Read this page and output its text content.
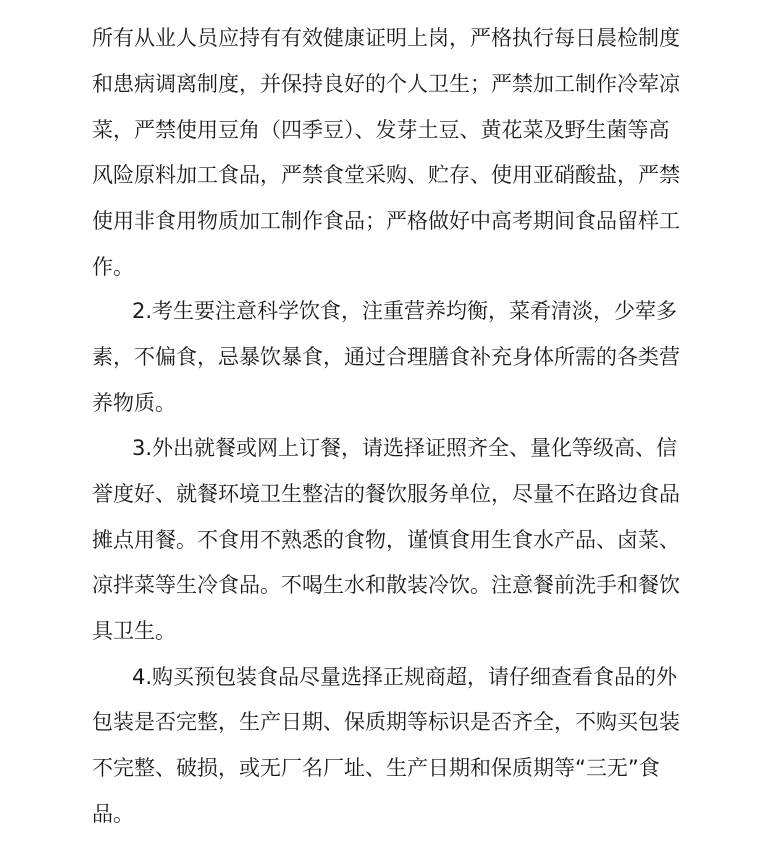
所有从业人员应持有有效健康证明上岗，严格执行每日晨检制度
和患病调离制度，并保持良好的个人卫生；严禁加工制作冷荤凉
菜，严禁使用豆角（四季豆）、发芽土豆、黄花菜及野生菌等高
风险原料加工食品，严禁食堂采购、贮存、使用亚硝酸盐，严禁
使用非食用物质加工制作食品；严格做好中高考期间食品留样工
作。
2.考生要注意科学饮食，注重营养均衡，菜肴清淡，少荤多
素，不偏食，忌暴饮暴食，通过合理膳食补充身体所需的各类营
养物质。
3.外出就餐或网上订餐，请选择证照齐全、量化等级高、信
誉度好、就餐环境卫生整洁的餐饮服务单位，尽量不在路边食品
摊点用餐。不食用不熟悉的食物，谨慎食用生食水产品、卤菜、
凉拌菜等生冷食品。不喝生水和散装冷饮。注意餐前洗手和餐饮
具卫生。
4.购买预包装食品尽量选择正规商超，请仔细查看食品的外
包装是否完整，生产日期、保质期等标识是否齐全，不购买包装
不完整、破损，或无厂名厂址、生产日期和保质期等“三无”食
品。
